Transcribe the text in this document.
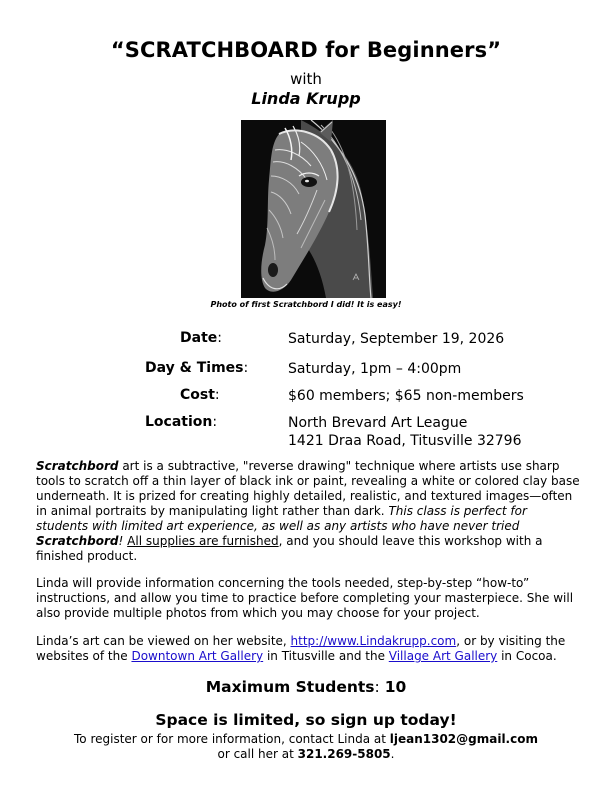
“SCRATCHBOARD for Beginners”
with
Linda Krupp
Photo of first Scratchbord I did! It is easy!
Date:	Saturday, September 19, 2026
Day & Times:	Saturday, 1pm – 4:00pm
Cost:	$60 members; $65 non-members
Location:	North Brevard Art League
1421 Draa Road, Titusville 32796
Scratchbord art is a subtractive, "reverse drawing" technique where artists use sharp tools to scratch off a thin layer of black ink or paint, revealing a white or colored clay base underneath. It is prized for creating highly detailed, realistic, and textured images—often in animal portraits by manipulating light rather than dark. This class is perfect for students with limited art experience, as well as any artists who have never tried Scratchbord! All supplies are furnished, and you should leave this workshop with a finished product.
Linda will provide information concerning the tools needed, step-by-step “how-to” instructions, and allow you time to practice before completing your masterpiece. She will also provide multiple photos from which you may choose for your project.
Linda’s art can be viewed on her website, http://www.Lindakrupp.com, or by visiting the websites of the Downtown Art Gallery in Titusville and the Village Art Gallery in Cocoa.
Maximum Students: 10
Space is limited, so sign up today!
To register or for more information, contact Linda at ljean1302@gmail.com
or call her at 321.269-5805.
